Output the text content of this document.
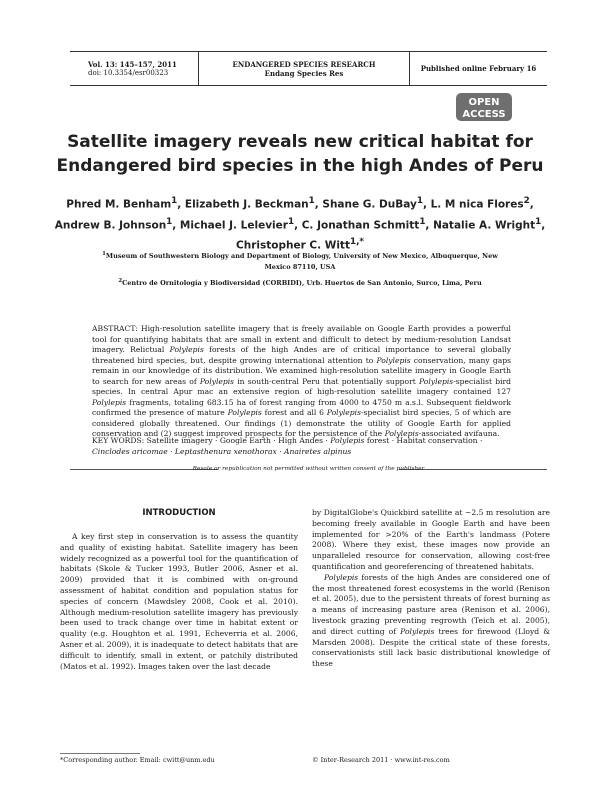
Vol. 13: 145–157, 2011
doi: 10.3354/esr00323
ENDANGERED SPECIES RESEARCH
Endang Species Res	Published online February 16
OPEN
ACCESS
Satellite imagery reveals new critical habitat for
Endangered bird species in the high Andes of Peru
Phred M. Benham$^1$, Elizabeth J. Beckman$^1$, Shane G. DuBay$^1$, L. M nica Flores$^2$,
Andrew B. Johnson$^1$, Michael J. Lelevier$^1$, C. Jonathan Schmitt$^1$, Natalie A. Wright$^1$,
Christopher C. Witt$^{1,*}$

$^1$Museum of Southwestern Biology and Department of Biology, University of New Mexico, Albuquerque, New Mexico 87110, USA

$^2$Centro de Ornitología y Biodiversidad (CORBIDI), Urb. Huertos de San Antonio, Surco, Lima, Peru

ABSTRACT: High-resolution satellite imagery that is freely available on Google Earth provides a powerful tool for quantifying habitats that are small in extent and difficult to detect by medium-resolution Landsat imagery. Relictual Polylepis forests of the high Andes are of critical importance to several globally threatened bird species, but, despite growing international attention to Polylepis conservation, many gaps remain in our knowledge of its distribution. We examined high-resolution satellite imagery in Google Earth to search for new areas of Polylepis in south-central Peru that potentially support Polylepis-specialist bird species. In central Apur mac an extensive region of high-resolution satellite imagery contained 127 Polylepis fragments, totaling 683.15 ha of forest ranging from 4000 to 4750 m a.s.l. Subsequent fieldwork confirmed the presence of mature Polylepis forest and all 6 Polylepis-specialist bird species, 5 of which are considered globally threatened. Our findings (1) demonstrate the utility of Google Earth for applied conservation and (2) suggest improved prospects for the persistence of the Polylepis-associated avifauna.
KEY WORDS: Satellite imagery · Google Earth · High Andes · Polylepis forest · Habitat conservation ·
Cinclodes aricomae · Leptasthenura xenothorax · Anairetes alpinus
Resale or republication not permitted without written consent of the publisher
INTRODUCTION

A key first step in conservation is to assess the quantity and quality of existing habitat. Satellite imagery has been widely recognized as a powerful tool for the quantification of habitats (Skole & Tucker 1993, Butler 2006, Asner et al. 2009) provided that it is combined with on-ground assessment of habitat condition and population status for species of concern (Mawdsley 2008, Cook et al. 2010). Although medium-resolution satellite imagery has previously been used to track change over time in habitat extent or quality (e.g. Houghton et al. 1991, Echeverria et al. 2006, Asner et al. 2009), it is inadequate to detect habitats that are difficult to identify, small in extent, or patchily distributed (Matos et al. 1992). Images taken over the last decade

by DigitalGlobe's Quickbird satellite at ~2.5 m resolution are becoming freely available in Google Earth and have been implemented for >20% of the Earth's landmass (Potere 2008). Where they exist, these images now provide an unparalleled resource for conservation, allowing cost-free quantification and georeferencing of threatened habitats.

Polylepis forests of the high Andes are considered one of the most threatened forest ecosystems in the world (Renison et al. 2005), due to the persistent threats of forest burning as a means of increasing pasture area (Renison et al. 2006), livestock grazing preventing regrowth (Teich et al. 2005), and direct cutting of Polylepis trees for firewood (Lloyd & Marsden 2008). Despite the critical state of these forests, conservationists still lack basic distributional knowledge of these

*Corresponding author. Email: cwitt@unm.edu	© Inter-Research 2011 · www.int-res.com
